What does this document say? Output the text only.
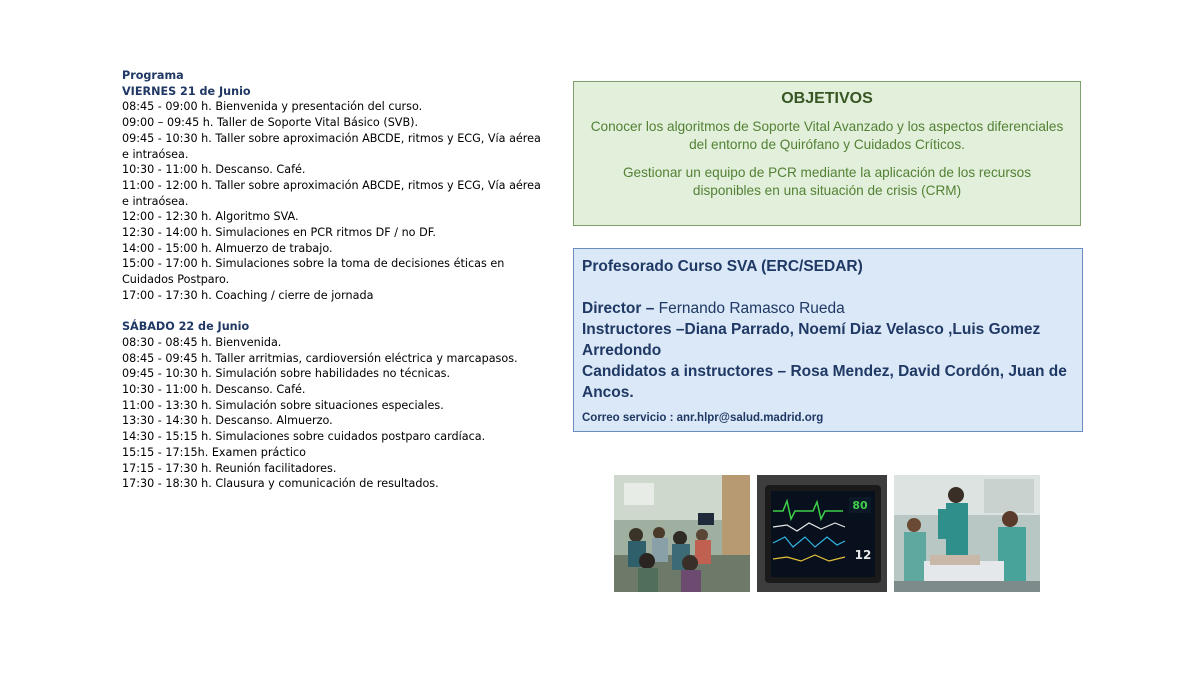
Programa
VIERNES 21 de Junio
08:45 - 09:00 h. Bienvenida y presentación del curso.
09:00 – 09:45 h. Taller de Soporte Vital Básico (SVB).
09:45 - 10:30 h. Taller sobre aproximación ABCDE, ritmos y ECG, Vía aérea e intraósea.
10:30 - 11:00 h. Descanso. Café.
11:00 - 12:00 h. Taller sobre aproximación ABCDE, ritmos y ECG, Vía aérea e intraósea.
12:00 - 12:30 h. Algoritmo SVA.
12:30 - 14:00 h. Simulaciones en PCR ritmos DF / no DF.
14:00 - 15:00 h. Almuerzo de trabajo.
15:00 - 17:00 h. Simulaciones sobre la toma de decisiones éticas en Cuidados Postparo.
17:00 - 17:30 h. Coaching / cierre de jornada
SÁBADO 22 de Junio
08:30 - 08:45 h. Bienvenida.
08:45 - 09:45 h. Taller arritmias, cardioversión eléctrica y marcapasos.
09:45 - 10:30 h. Simulación sobre habilidades no técnicas.
10:30 - 11:00 h. Descanso. Café.
11:00 - 13:30 h. Simulación sobre situaciones especiales.
13:30 - 14:30 h. Descanso. Almuerzo.
14:30 - 15:15 h. Simulaciones sobre cuidados postparo cardíaca.
15:15 - 17:15h. Examen práctico
17:15 - 17:30 h. Reunión facilitadores.
17:30 - 18:30 h. Clausura y comunicación de resultados.
OBJETIVOS
Conocer los algoritmos de Soporte Vital Avanzado y los aspectos diferenciales del entorno de Quirófano y Cuidados Críticos.
Gestionar un equipo de PCR mediante la aplicación de los recursos disponibles en una situación de crisis (CRM)
Profesorado Curso SVA (ERC/SEDAR)
Director – Fernando Ramasco Rueda
Instructores –Diana Parrado, Noemí Diaz Velasco ,Luis Gomez Arredondo
Candidatos a instructores – Rosa Mendez, David Cordón, Juan de Ancos.
Correo servicio : anr.hlpr@salud.madrid.org
80
12
